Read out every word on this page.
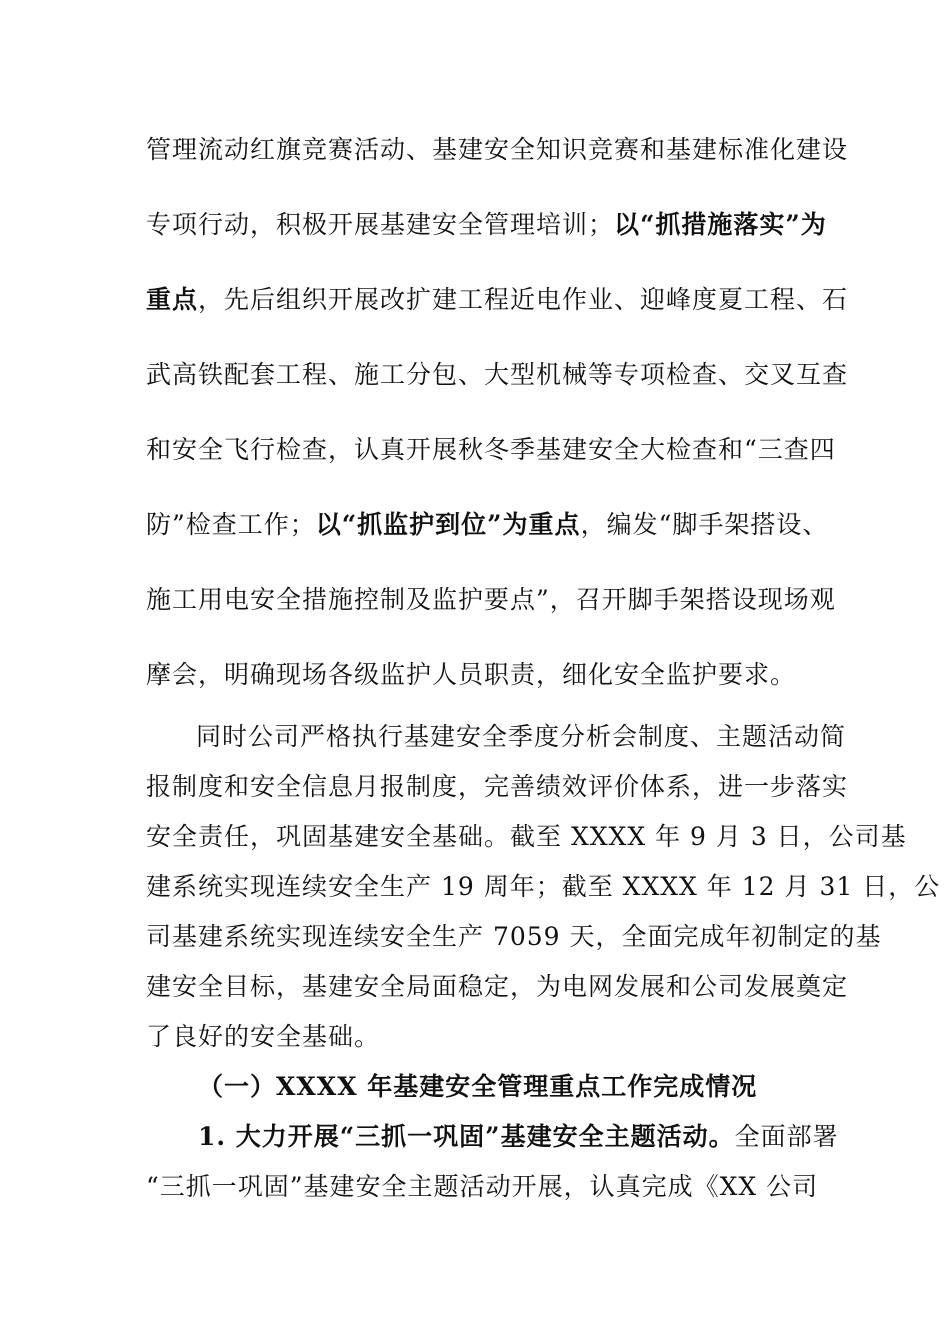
管理流动红旗竞赛活动、基建安全知识竞赛和基建标准化建设
专项行动，积极开展基建安全管理培训；以“抓措施落实”为
重点，先后组织开展改扩建工程近电作业、迎峰度夏工程、石
武高铁配套工程、施工分包、大型机械等专项检查、交叉互查
和安全飞行检查，认真开展秋冬季基建安全大检查和“三查四
防”检查工作；以“抓监护到位”为重点，编发“脚手架搭设、
施工用电安全措施控制及监护要点”，召开脚手架搭设现场观
摩会，明确现场各级监护人员职责，细化安全监护要求。
同时公司严格执行基建安全季度分析会制度、主题活动简
报制度和安全信息月报制度，完善绩效评价体系，进一步落实
安全责任，巩固基建安全基础。截至 XXXX 年 9 月 3 日，公司基
建系统实现连续安全生产 19 周年；截至 XXXX 年 12 月 31 日，公
司基建系统实现连续安全生产 7059 天，全面完成年初制定的基
建安全目标，基建安全局面稳定，为电网发展和公司发展奠定
了良好的安全基础。
（一）XXXX 年基建安全管理重点工作完成情况
1. 大力开展“三抓一巩固”基建安全主题活动。全面部署
“三抓一巩固”基建安全主题活动开展，认真完成《XX 公司
